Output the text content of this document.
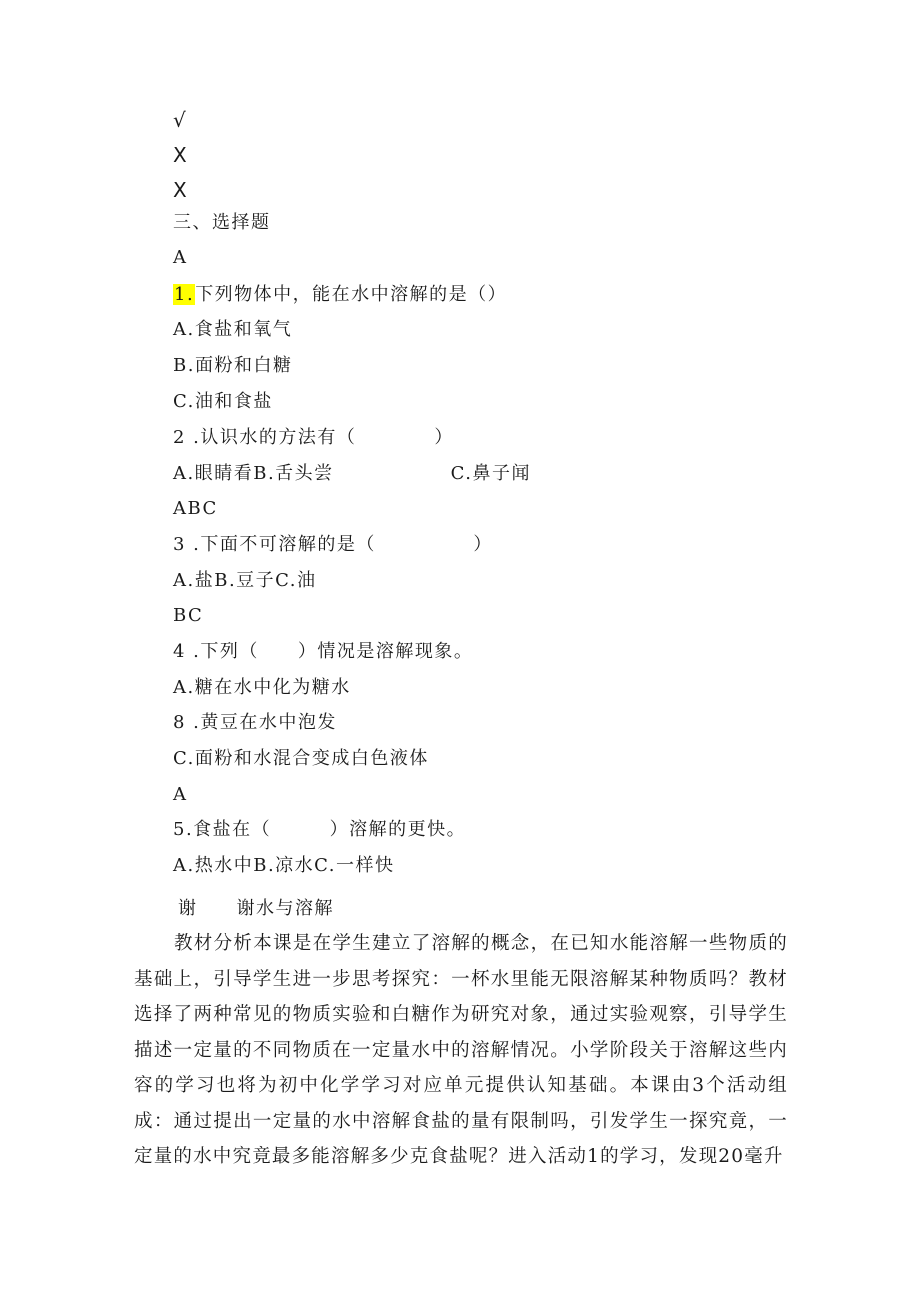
√
X
X
三、选择题
A
1.下列物体中，能在水中溶解的是（）
A.食盐和氧气
B.面粉和白糖
C.油和食盐
2 .认识水的方法有（　　　　）
A.眼睛看B.舌头尝　　　　　　C.鼻子闻
ABC
3 .下面不可溶解的是（　　　　　）
A.盐B.豆子C.油
BC
4 .下列（　　）情况是溶解现象。
A.糖在水中化为糖水
8 .黄豆在水中泡发
C.面粉和水混合变成白色液体
A
5.食盐在（　　　）溶解的更快。
A.热水中B.凉水C.一样快
谢　　谢水与溶解
教材分析本课是在学生建立了溶解的概念，在已知水能溶解一些物质的基础上，引导学生进一步思考探究：一杯水里能无限溶解某种物质吗？教材选择了两种常见的物质实验和白糖作为研究对象，通过实验观察，引导学生描述一定量的不同物质在一定量水中的溶解情况。小学阶段关于溶解这些内容的学习也将为初中化学学习对应单元提供认知基础。本课由3个活动组成：通过提出一定量的水中溶解食盐的量有限制吗，引发学生一探究竟，一定量的水中究竟最多能溶解多少克食盐呢？进入活动1的学习，发现20毫升
